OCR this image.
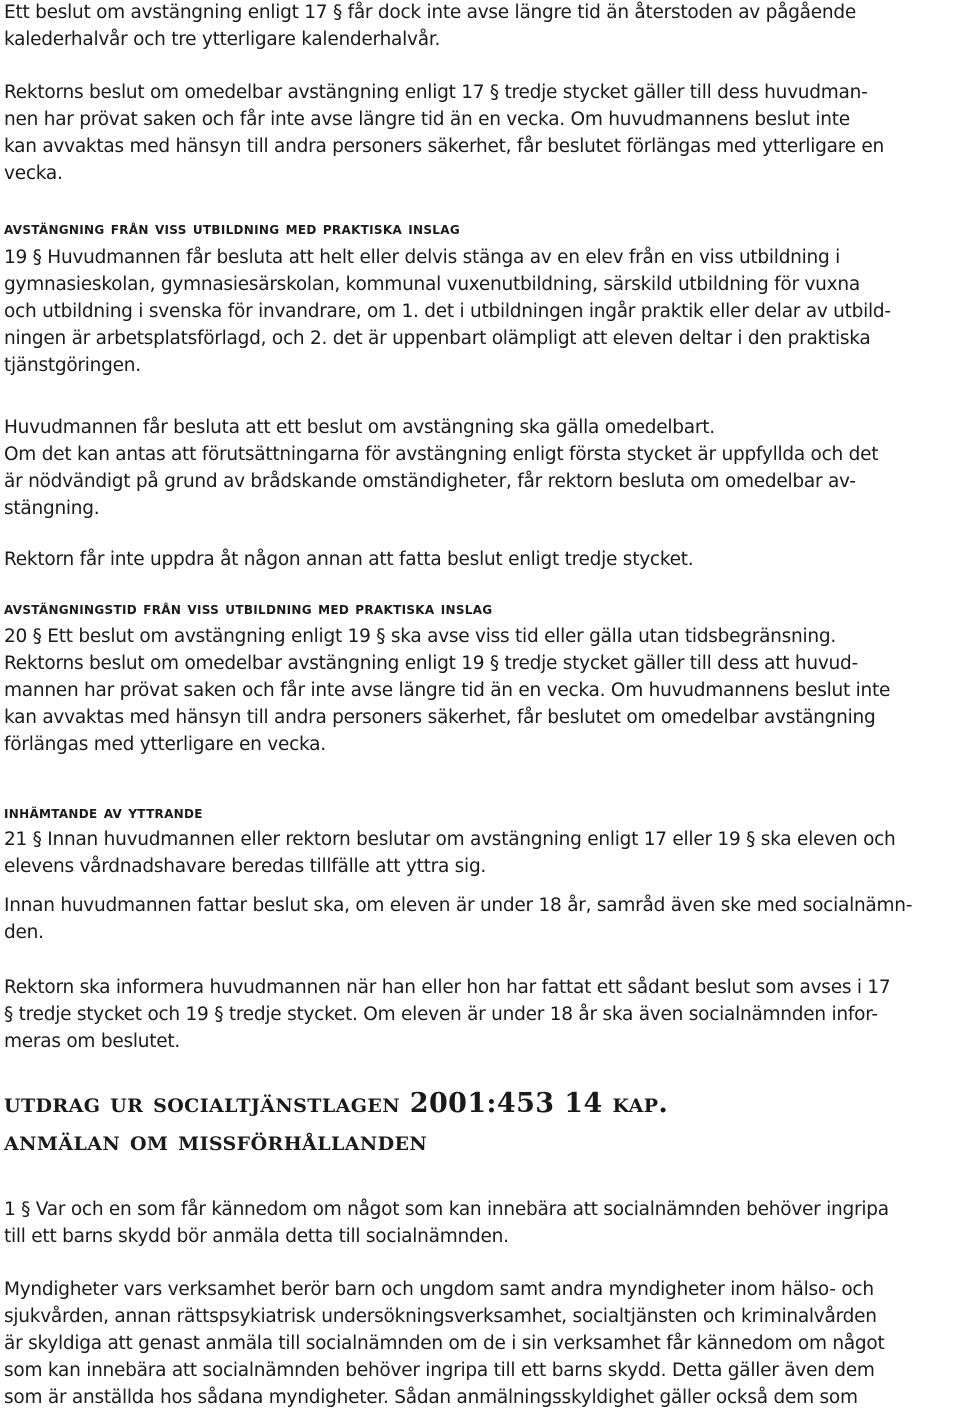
Ett beslut om avstängning enligt 17 § får dock inte avse längre tid än återstoden av pågående
kalederhalvår och tre ytterligare kalenderhalvår.

Rektorns beslut om omedelbar avstängning enligt 17 § tredje stycket gäller till dess huvudman-
nen har prövat saken och får inte avse längre tid än en vecka. Om huvudmannens beslut inte
kan avvaktas med hänsyn till andra personers säkerhet, får beslutet förlängas med ytterligare en
vecka.

avstängning från viss utbildning med praktiska inslag

19 § Huvudmannen får besluta att helt eller delvis stänga av en elev från en viss utbildning i
gymnasieskolan, gymnasiesärskolan, kommunal vuxenutbildning, särskild utbildning för vuxna
och utbildning i svenska för invandrare, om 1. det i utbildningen ingår praktik eller delar av utbild-
ningen är arbetsplatsförlagd, och 2. det är uppenbart olämpligt att eleven deltar i den praktiska
tjänstgöringen.

Huvudmannen får besluta att ett beslut om avstängning ska gälla omedelbart.
Om det kan antas att förutsättningarna för avstängning enligt första stycket är uppfyllda och det
är nödvändigt på grund av brådskande omständigheter, får rektorn besluta om omedelbar av-
stängning.

Rektorn får inte uppdra åt någon annan att fatta beslut enligt tredje stycket.

avstängningstid från viss utbildning med praktiska inslag

20 § Ett beslut om avstängning enligt 19 § ska avse viss tid eller gälla utan tidsbegränsning.
Rektorns beslut om omedelbar avstängning enligt 19 § tredje stycket gäller till dess att huvud-
mannen har prövat saken och får inte avse längre tid än en vecka. Om huvudmannens beslut inte
kan avvaktas med hänsyn till andra personers säkerhet, får beslutet om omedelbar avstängning
förlängas med ytterligare en vecka.

inhämtande av yttrande

21 § Innan huvudmannen eller rektorn beslutar om avstängning enligt 17 eller 19 § ska eleven och
elevens vårdnadshavare beredas tillfälle att yttra sig.

Innan huvudmannen fattar beslut ska, om eleven är under 18 år, samråd även ske med socialnämn-
den.

Rektorn ska informera huvudmannen när han eller hon har fattat ett sådant beslut som avses i 17
§ tredje stycket och 19 § tredje stycket. Om eleven är under 18 år ska även socialnämnden infor-
meras om beslutet.

utdrag ur socialtjänstlagen 2001:453 14 kap.
anmälan om missförhållanden

1 § Var och en som får kännedom om något som kan innebära att socialnämnden behöver ingripa
till ett barns skydd bör anmäla detta till socialnämnden.

Myndigheter vars verksamhet berör barn och ungdom samt andra myndigheter inom hälso- och
sjukvården, annan rättspsykiatrisk undersökningsverksamhet, socialtjänsten och kriminalvården
är skyldiga att genast anmäla till socialnämnden om de i sin verksamhet får kännedom om något
som kan innebära att socialnämnden behöver ingripa till ett barns skydd. Detta gäller även dem
som är anställda hos sådana myndigheter. Sådan anmälningsskyldighet gäller också dem som
